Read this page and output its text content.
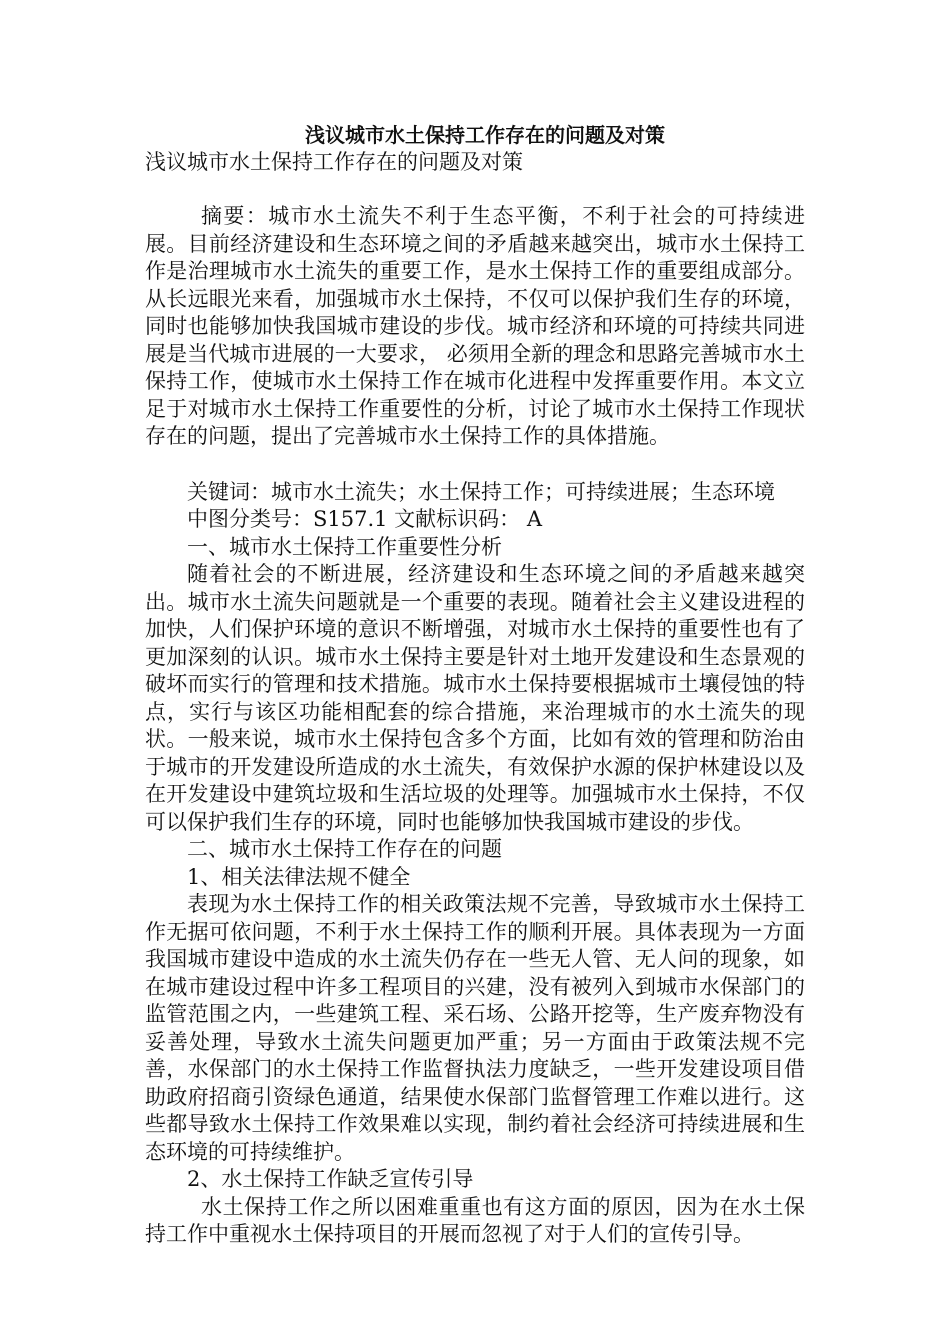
浅议城市水土保持工作存在的问题及对策

浅议城市水土保持工作存在的问题及对策

摘要：城市水土流失不利于生态平衡，不利于社会的可持续进展。目前经济建设和生态环境之间的矛盾越来越突出，城市水土保持工作是治理城市水土流失的重要工作，是水土保持工作的重要组成部分。从长远眼光来看，加强城市水土保持，不仅可以保护我们生存的环境，同时也能够加快我国城市建设的步伐。城市经济和环境的可持续共同进展是当代城市进展的一大要求， 必须用全新的理念和思路完善城市水土保持工作，使城市水土保持工作在城市化进程中发挥重要作用。本文立足于对城市水土保持工作重要性的分析，讨论了城市水土保持工作现状存在的问题，提出了完善城市水土保持工作的具体措施。

关键词：城市水土流失；水土保持工作；可持续进展；生态环境

中图分类号：S157.1 文献标识码： A

一、城市水土保持工作重要性分析

随着社会的不断进展，经济建设和生态环境之间的矛盾越来越突出。城市水土流失问题就是一个重要的表现。随着社会主义建设进程的加快，人们保护环境的意识不断增强，对城市水土保持的重要性也有了更加深刻的认识。城市水土保持主要是针对土地开发建设和生态景观的破坏而实行的管理和技术措施。城市水土保持要根据城市土壤侵蚀的特点，实行与该区功能相配套的综合措施，来治理城市的水土流失的现状。一般来说，城市水土保持包含多个方面，比如有效的管理和防治由于城市的开发建设所造成的水土流失，有效保护水源的保护林建设以及在开发建设中建筑垃圾和生活垃圾的处理等。加强城市水土保持，不仅可以保护我们生存的环境，同时也能够加快我国城市建设的步伐。

二、城市水土保持工作存在的问题

1、相关法律法规不健全

表现为水土保持工作的相关政策法规不完善，导致城市水土保持工作无据可依问题，不利于水土保持工作的顺利开展。具体表现为一方面我国城市建设中造成的水土流失仍存在一些无人管、无人问的现象，如在城市建设过程中许多工程项目的兴建，没有被列入到城市水保部门的监管范围之内，一些建筑工程、采石场、公路开挖等，生产废弃物没有妥善处理，导致水土流失问题更加严重；另一方面由于政策法规不完善，水保部门的水土保持工作监督执法力度缺乏，一些开发建设项目借助政府招商引资绿色通道，结果使水保部门监督管理工作难以进行。这些都导致水土保持工作效果难以实现，制约着社会经济可持续进展和生态环境的可持续维护。

2、水土保持工作缺乏宣传引导

水土保持工作之所以困难重重也有这方面的原因，因为在水土保持工作中重视水土保持项目的开展而忽视了对于人们的宣传引导。
